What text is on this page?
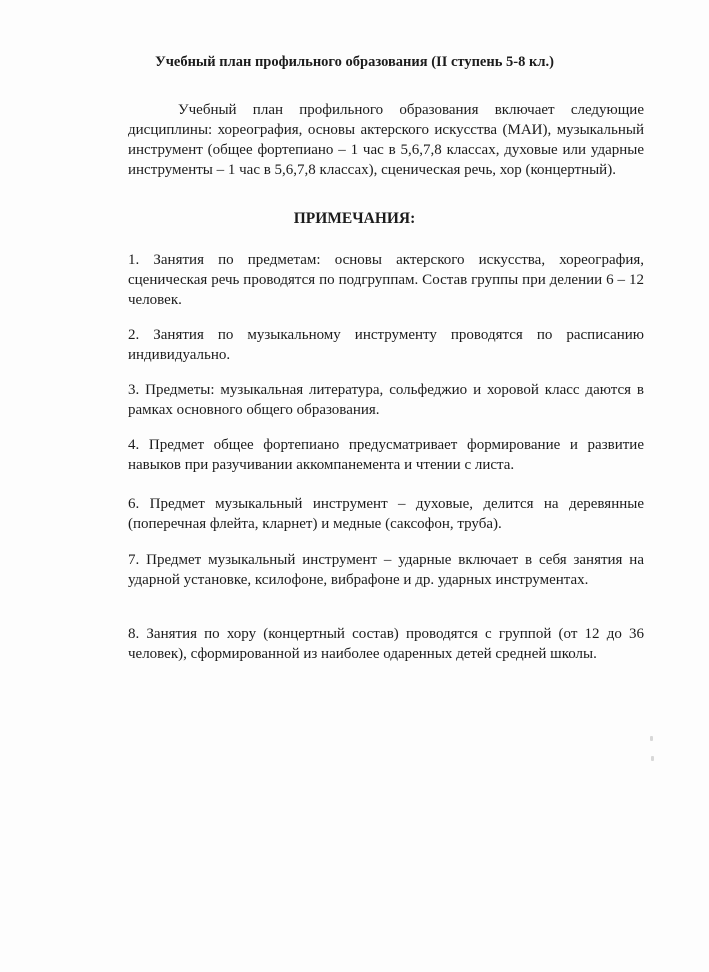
Учебный план профильного образования (II ступень 5-8 кл.)

Учебный план профильного образования включает следующие дисциплины: хореография, основы актерского искусства (МАИ), музыкальный инструмент (общее фортепиано – 1 час в 5,6,7,8 классах, духовые или ударные инструменты – 1 час в 5,6,7,8 классах), сценическая речь, хор (концертный).

ПРИМЕЧАНИЯ:

1. Занятия по предметам: основы актерского искусства, хореография, сценическая речь проводятся по подгруппам. Состав группы при делении 6 – 12 человек.

2. Занятия по музыкальному инструменту проводятся по расписанию индивидуально.

3. Предметы: музыкальная литература, сольфеджио и хоровой класс даются в рамках основного общего образования.

4. Предмет общее фортепиано предусматривает формирование и развитие навыков при разучивании аккомпанемента и чтении с листа.

6. Предмет музыкальный инструмент – духовые, делится на деревянные (поперечная флейта, кларнет) и медные (саксофон, труба).

7. Предмет музыкальный инструмент – ударные включает в себя занятия на ударной установке, ксилофоне, вибрафоне и др. ударных инструментах.

8. Занятия по хору (концертный состав) проводятся с группой (от 12 до 36 человек), сформированной из наиболее одаренных детей средней школы.
